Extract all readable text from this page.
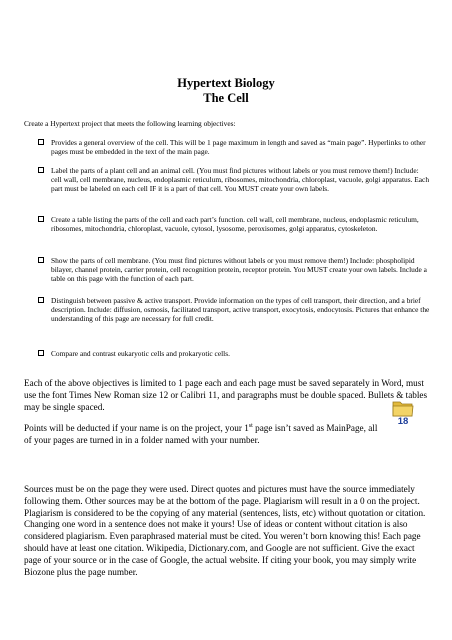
Hypertext Biology
The Cell
Create a Hypertext project that meets the following learning objectives:
Provides a general overview of the cell. This will be 1 page maximum in length and saved as “main page”. Hyperlinks to other pages must be embedded in the text of the main page.
Label the parts of a plant cell and an animal cell. (You must find pictures without labels or you must remove them!) Include: cell wall, cell membrane, nucleus, endoplasmic reticulum, ribosomes, mitochondria, chloroplast, vacuole, golgi apparatus. Each part must be labeled on each cell IF it is a part of that cell. You MUST create your own labels.
Create a table listing the parts of the cell and each part’s function. cell wall, cell membrane, nucleus, endoplasmic reticulum, ribosomes, mitochondria, chloroplast, vacuole, cytosol, lysosome, peroxisomes, golgi apparatus, cytoskeleton.
Show the parts of cell membrane. (You must find pictures without labels or you must remove them!) Include: phospholipid bilayer, channel protein, carrier protein, cell recognition protein, receptor protein. You MUST create your own labels. Include a table on this page with the function of each part.
Distinguish between passive & active transport. Provide information on the types of cell transport, their direction, and a brief description. Include: diffusion, osmosis, facilitated transport, active transport, exocytosis, endocytosis. Pictures that enhance the understanding of this page are necessary for full credit.
Compare and contrast eukaryotic cells and prokaryotic cells.
Each of the above objectives is limited to 1 page each and each page must be saved separately in Word, must use the font Times New Roman size 12 or Calibri 11, and paragraphs must be double spaced. Bullets & tables may be single spaced.
Points will be deducted if your name is on the project, your 1st page isn’t saved as MainPage, all of your pages are turned in in a folder named with your number.
18
Sources must be on the page they were used. Direct quotes and pictures must have the source immediately following them. Other sources may be at the bottom of the page. Plagiarism will result in a 0 on the project. Plagiarism is considered to be the copying of any material (sentences, lists, etc) without quotation or citation. Changing one word in a sentence does not make it yours! Use of ideas or content without citation is also considered plagiarism. Even paraphrased material must be cited. You weren’t born knowing this! Each page should have at least one citation. Wikipedia, Dictionary.com, and Google are not sufficient. Give the exact page of your source or in the case of Google, the actual website. If citing your book, you may simply write Biozone plus the page number.
